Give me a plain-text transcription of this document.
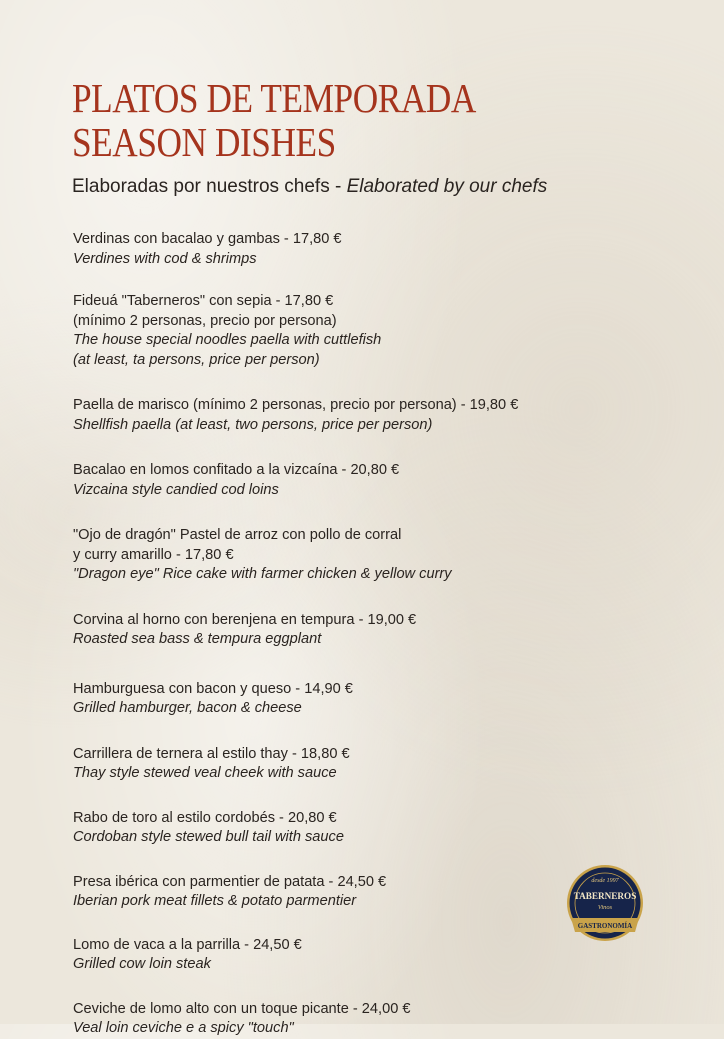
PLATOS DE TEMPORADA
SEASON DISHES
Elaboradas por nuestros chefs - Elaborated by our chefs
Verdinas con bacalao y gambas - 17,80 €
Verdines with cod & shrimps
Fideuá "Taberneros" con sepia - 17,80 €
(mínimo 2 personas, precio por persona)
The house special noodles paella with cuttlefish
(at least, ta persons, price per person)
Paella de marisco (mínimo 2 personas, precio por persona) - 19,80 €
Shellfish paella (at least, two persons, price per person)
Bacalao en lomos confitado a la vizcaína - 20,80 €
Vizcaina style candied cod loins
"Ojo de dragón" Pastel de arroz con pollo de corral
y curry amarillo - 17,80 €
"Dragon eye" Rice cake with farmer chicken & yellow curry
Corvina al horno con berenjena en tempura - 19,00 €
Roasted sea bass & tempura eggplant
Hamburguesa con bacon y queso - 14,90 €
Grilled hamburger, bacon & cheese
Carrillera de ternera al estilo thay - 18,80 €
Thay style stewed veal cheek with sauce
Rabo de toro al estilo cordobés - 20,80 €
Cordoban style stewed bull tail with sauce
Presa ibérica con parmentier de patata - 24,50 €
Iberian pork meat fillets & potato parmentier
Lomo de vaca a la parrilla - 24,50 €
Grilled cow loin steak
Ceviche de lomo alto con un toque picante - 24,00 €
Veal loin ceviche e a spicy "touch"
desde 1997
TABERNEROS
Vinos
GASTRONOMÍA
